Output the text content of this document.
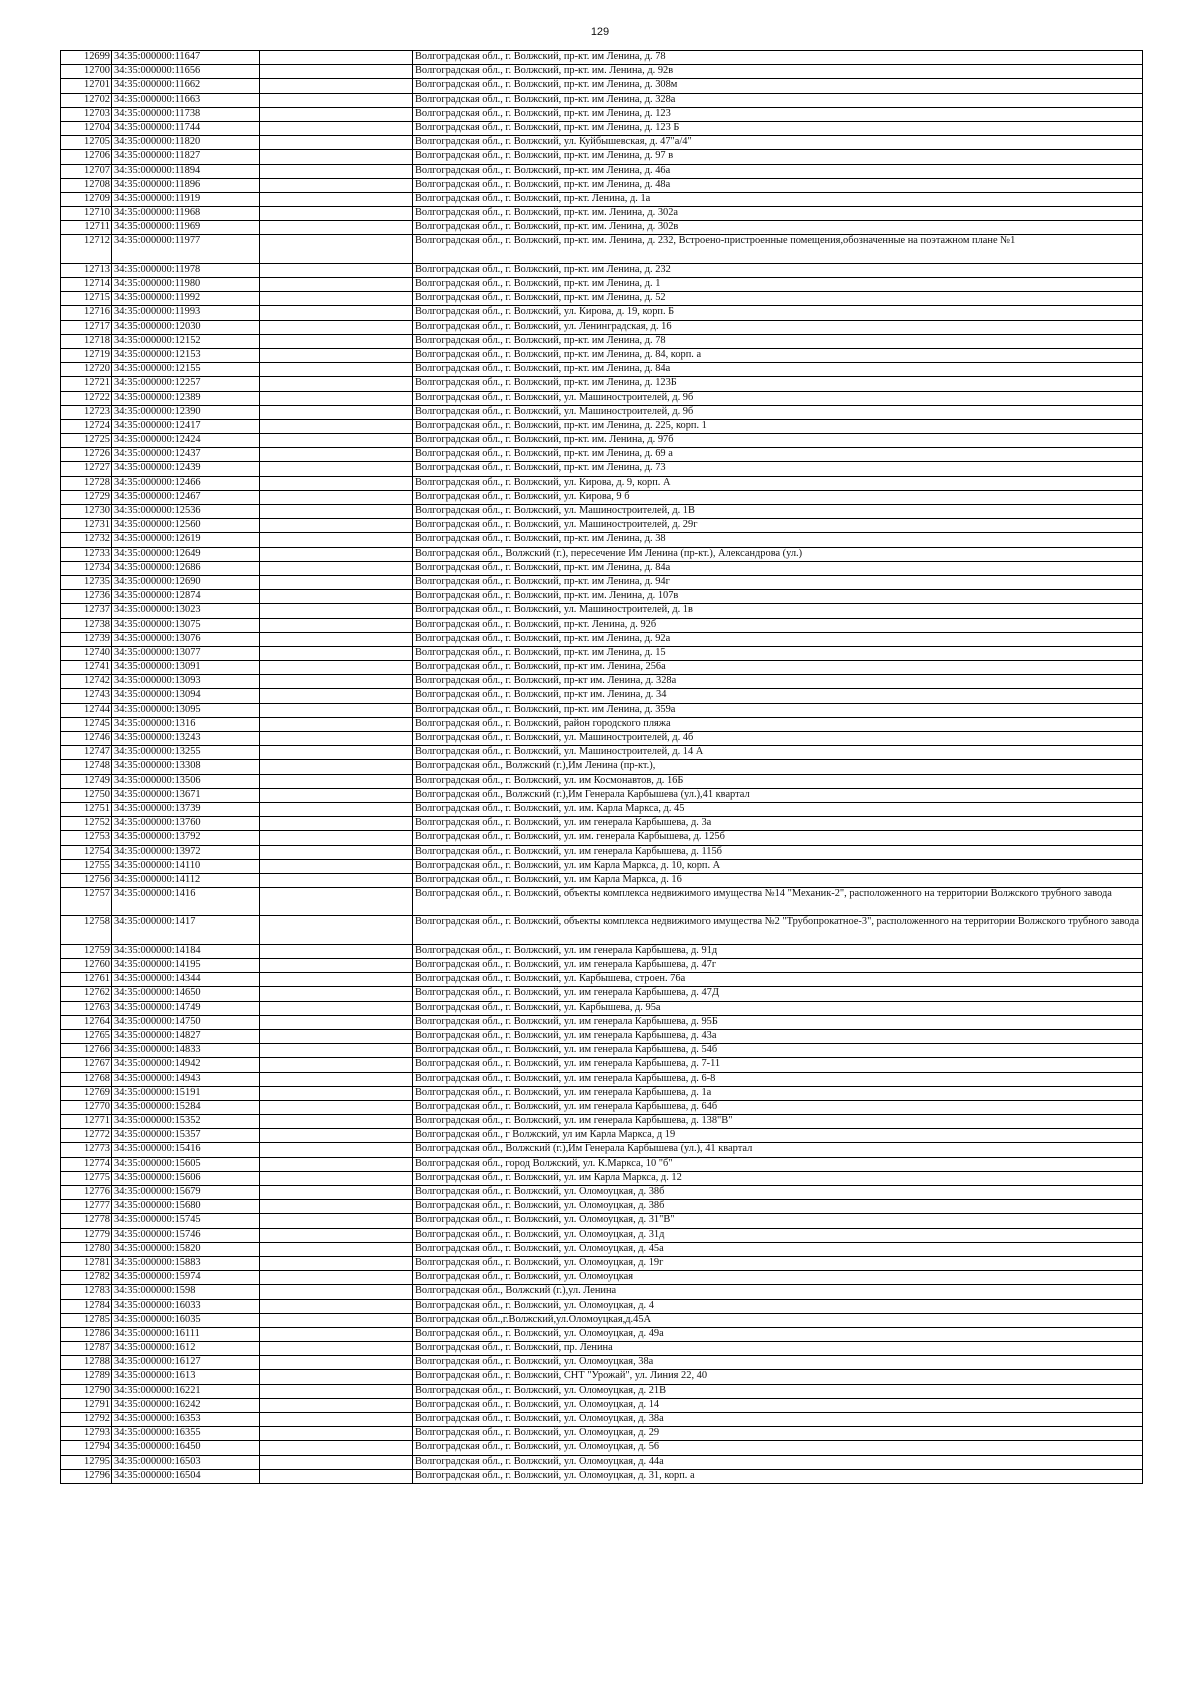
129
12699	34:35:000000:11647		Волгоградская обл., г. Волжский, пр-кт. им Ленина, д. 78
12700	34:35:000000:11656		Волгоградская обл., г. Волжский, пр-кт. им. Ленина, д. 92в
12701	34:35:000000:11662		Волгоградская обл., г. Волжский, пр-кт. им Ленина, д. 308м
12702	34:35:000000:11663		Волгоградская обл., г. Волжский, пр-кт. им Ленина, д. 328а
12703	34:35:000000:11738		Волгоградская обл., г. Волжский, пр-кт. им Ленина, д. 123
12704	34:35:000000:11744		Волгоградская обл., г. Волжский, пр-кт. им Ленина, д. 123 Б
12705	34:35:000000:11820		Волгоградская обл., г. Волжский, ул. Куйбышевская, д. 47"а/4"
12706	34:35:000000:11827		Волгоградская обл., г. Волжский, пр-кт. им Ленина, д. 97 в
12707	34:35:000000:11894		Волгоградская обл., г. Волжский, пр-кт. им Ленина, д. 46а
12708	34:35:000000:11896		Волгоградская обл., г. Волжский, пр-кт. им Ленина, д. 48а
12709	34:35:000000:11919		Волгоградская обл., г. Волжский, пр-кт. Ленина, д. 1а
12710	34:35:000000:11968		Волгоградская обл., г. Волжский, пр-кт. им. Ленина, д. 302а
12711	34:35:000000:11969		Волгоградская обл., г. Волжский, пр-кт. им. Ленина, д. 302в
12712	34:35:000000:11977		Волгоградская обл., г. Волжский, пр-кт. им. Ленина, д. 232, Встроено-пристроенные помещения,обозначенные на поэтажном плане №1
12713	34:35:000000:11978		Волгоградская обл., г. Волжский, пр-кт. им Ленина, д. 232
12714	34:35:000000:11980		Волгоградская обл., г. Волжский, пр-кт. им Ленина, д. 1
12715	34:35:000000:11992		Волгоградская обл., г. Волжский, пр-кт. им Ленина, д. 52
12716	34:35:000000:11993		Волгоградская обл., г. Волжский, ул. Кирова, д. 19, корп. Б
12717	34:35:000000:12030		Волгоградская обл., г. Волжский, ул. Ленинградская, д. 16
12718	34:35:000000:12152		Волгоградская обл., г. Волжский, пр-кт. им Ленина, д. 78
12719	34:35:000000:12153		Волгоградская обл., г. Волжский, пр-кт. им Ленина, д. 84, корп. а
12720	34:35:000000:12155		Волгоградская обл., г. Волжский, пр-кт. им Ленина, д. 84а
12721	34:35:000000:12257		Волгоградская обл., г. Волжский, пр-кт. им Ленина, д. 123Б
12722	34:35:000000:12389		Волгоградская обл., г. Волжский, ул. Машиностроителей, д. 9б
12723	34:35:000000:12390		Волгоградская обл., г. Волжский, ул. Машиностроителей, д. 9б
12724	34:35:000000:12417		Волгоградская обл., г. Волжский, пр-кт. им Ленина, д. 225, корп. 1
12725	34:35:000000:12424		Волгоградская обл., г. Волжский, пр-кт. им. Ленина, д. 97б
12726	34:35:000000:12437		Волгоградская обл., г. Волжский, пр-кт. им Ленина, д. 69 а
12727	34:35:000000:12439		Волгоградская обл., г. Волжский, пр-кт. им Ленина, д. 73
12728	34:35:000000:12466		Волгоградская обл., г. Волжский, ул. Кирова, д. 9, корп. А
12729	34:35:000000:12467		Волгоградская обл., г. Волжский, ул. Кирова, 9 б
12730	34:35:000000:12536		Волгоградская обл., г. Волжский, ул. Машиностроителей, д. 1В
12731	34:35:000000:12560		Волгоградская обл., г. Волжский, ул. Машиностроителей, д. 29г
12732	34:35:000000:12619		Волгоградская обл., г. Волжский, пр-кт. им Ленина, д. 38
12733	34:35:000000:12649		Волгоградская обл., Волжский (г.), пересечение Им Ленина (пр-кт.), Александрова (ул.)
12734	34:35:000000:12686		Волгоградская обл., г. Волжский, пр-кт. им Ленина, д. 84а
12735	34:35:000000:12690		Волгоградская обл., г. Волжский, пр-кт. им Ленина, д. 94г
12736	34:35:000000:12874		Волгоградская обл., г. Волжский, пр-кт. им. Ленина, д. 107в
12737	34:35:000000:13023		Волгоградская обл., г. Волжский, ул. Машиностроителей, д. 1в
12738	34:35:000000:13075		Волгоградская обл., г. Волжский, пр-кт. Ленина, д. 92б
12739	34:35:000000:13076		Волгоградская обл., г. Волжский, пр-кт. им Ленина, д. 92а
12740	34:35:000000:13077		Волгоградская обл., г. Волжский, пр-кт. им Ленина, д. 15
12741	34:35:000000:13091		Волгоградская обл., г. Волжский, пр-кт им. Ленина, 256а
12742	34:35:000000:13093		Волгоградская обл., г. Волжский, пр-кт им. Ленина, д. 328а
12743	34:35:000000:13094		Волгоградская обл., г. Волжский, пр-кт им. Ленина, д. 34
12744	34:35:000000:13095		Волгоградская обл., г. Волжский, пр-кт. им Ленина, д. 359а
12745	34:35:000000:1316		Волгоградская обл., г. Волжский, район городского пляжа
12746	34:35:000000:13243		Волгоградская обл., г. Волжский, ул. Машиностроителей, д. 4б
12747	34:35:000000:13255		Волгоградская обл., г. Волжский, ул. Машиностроителей, д. 14 А
12748	34:35:000000:13308		Волгоградская обл., Волжский (г.),Им Ленина (пр-кт.),
12749	34:35:000000:13506		Волгоградская обл., г. Волжский, ул. им Космонавтов, д. 16Б
12750	34:35:000000:13671		Волгоградская обл., Волжский (г.),Им Генерала Карбышева (ул.),41 квартал
12751	34:35:000000:13739		Волгоградская обл., г. Волжский, ул. им. Карла Маркса, д. 45
12752	34:35:000000:13760		Волгоградская обл., г. Волжский, ул. им генерала Карбышева, д. 3а
12753	34:35:000000:13792		Волгоградская обл., г. Волжский, ул. им. генерала Карбышева, д. 125б
12754	34:35:000000:13972		Волгоградская обл., г. Волжский, ул. им генерала Карбышева, д. 115б
12755	34:35:000000:14110		Волгоградская обл., г. Волжский, ул. им Карла Маркса, д. 10, корп. А
12756	34:35:000000:14112		Волгоградская обл., г. Волжский, ул. им Карла Маркса, д. 16
12757	34:35:000000:1416		Волгоградская обл., г. Волжский, объекты комплекса недвижимого имущества №14 "Механик-2", расположенного на территории Волжского трубного завода
12758	34:35:000000:1417		Волгоградская обл., г. Волжский, объекты комплекса недвижимого имущества №2 "Трубопрокатное-3", расположенного на территории Волжского трубного завода
12759	34:35:000000:14184		Волгоградская обл., г. Волжский, ул. им генерала Карбышева, д. 91д
12760	34:35:000000:14195		Волгоградская обл., г. Волжский, ул. им генерала Карбышева, д. 47г
12761	34:35:000000:14344		Волгоградская обл., г. Волжский, ул. Карбышева, строен. 76а
12762	34:35:000000:14650		Волгоградская обл., г. Волжский, ул. им генерала Карбышева, д. 47Д
12763	34:35:000000:14749		Волгоградская обл., г. Волжский, ул. Карбышева, д. 95а
12764	34:35:000000:14750		Волгоградская обл., г. Волжский, ул. им генерала Карбышева, д. 95Б
12765	34:35:000000:14827		Волгоградская обл., г. Волжский, ул. им генерала Карбышева, д. 43а
12766	34:35:000000:14833		Волгоградская обл., г. Волжский, ул. им генерала Карбышева, д. 54б
12767	34:35:000000:14942		Волгоградская обл., г. Волжский, ул. им генерала Карбышева, д. 7-11
12768	34:35:000000:14943		Волгоградская обл., г. Волжский, ул. им генерала Карбышева, д. 6-8
12769	34:35:000000:15191		Волгоградская обл., г. Волжский, ул. им генерала Карбышева, д. 1а
12770	34:35:000000:15284		Волгоградская обл., г. Волжский, ул. им генерала Карбышева, д. 64б
12771	34:35:000000:15352		Волгоградская обл., г. Волжский, ул. им генерала Карбышева, д. 138"В"
12772	34:35:000000:15357		Волгоградская обл., г Волжский, ул им Карла Маркса, д 19
12773	34:35:000000:15416		Волгоградская обл., Волжский (г.),Им Генерала Карбышева (ул.), 41 квартал
12774	34:35:000000:15605		Волгоградская обл., город Волжский, ул. К.Маркса, 10 "б"
12775	34:35:000000:15606		Волгоградская обл., г. Волжский, ул. им Карла Маркса, д. 12
12776	34:35:000000:15679		Волгоградская обл., г. Волжский, ул. Оломоуцкая, д. 38б
12777	34:35:000000:15680		Волгоградская обл., г. Волжский, ул. Оломоуцкая, д. 38б
12778	34:35:000000:15745		Волгоградская обл., г. Волжский, ул. Оломоуцкая, д. 31"В"
12779	34:35:000000:15746		Волгоградская обл., г. Волжский, ул. Оломоуцкая, д. 31д
12780	34:35:000000:15820		Волгоградская обл., г. Волжский, ул. Оломоуцкая, д. 45а
12781	34:35:000000:15883		Волгоградская обл., г. Волжский, ул. Оломоуцкая, д. 19г
12782	34:35:000000:15974		Волгоградская обл., г. Волжский, ул. Оломоуцкая
12783	34:35:000000:1598		Волгоградская обл., Волжский (г.),ул. Ленина
12784	34:35:000000:16033		Волгоградская обл., г. Волжский, ул. Оломоуцкая, д. 4
12785	34:35:000000:16035		Волгоградская обл.,г.Волжский,ул.Оломоуцкая,д.45А
12786	34:35:000000:16111		Волгоградская обл., г. Волжский, ул. Оломоуцкая, д. 49а
12787	34:35:000000:1612		Волгоградская обл., г. Волжский, пр. Ленина
12788	34:35:000000:16127		Волгоградская обл., г. Волжский, ул. Оломоуцкая, 38а
12789	34:35:000000:1613		Волгоградская обл., г. Волжский, СНТ "Урожай", ул. Линия 22, 40
12790	34:35:000000:16221		Волгоградская обл., г. Волжский, ул. Оломоуцкая, д. 21В
12791	34:35:000000:16242		Волгоградская обл., г. Волжский, ул. Оломоуцкая, д. 14
12792	34:35:000000:16353		Волгоградская обл., г. Волжский, ул. Оломоуцкая, д. 38а
12793	34:35:000000:16355		Волгоградская обл., г. Волжский, ул. Оломоуцкая, д. 29
12794	34:35:000000:16450		Волгоградская обл., г. Волжский, ул. Оломоуцкая, д. 56
12795	34:35:000000:16503		Волгоградская обл., г. Волжский, ул. Оломоуцкая, д. 44а
12796	34:35:000000:16504		Волгоградская обл., г. Волжский, ул. Оломоуцкая, д. 31, корп. а
